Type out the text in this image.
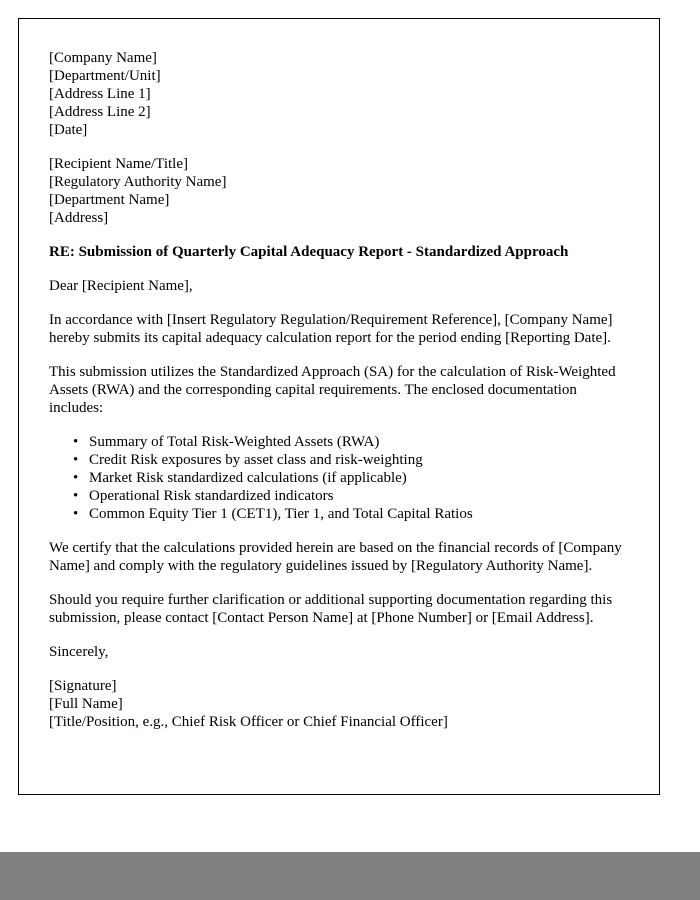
[Company Name]
[Department/Unit]
[Address Line 1]
[Address Line 2]
[Date]
[Recipient Name/Title]
[Regulatory Authority Name]
[Department Name]
[Address]
RE: Submission of Quarterly Capital Adequacy Report - Standardized Approach
Dear [Recipient Name],
In accordance with [Insert Regulatory Regulation/Requirement Reference], [Company Name] hereby submits its capital adequacy calculation report for the period ending [Reporting Date].
This submission utilizes the Standardized Approach (SA) for the calculation of Risk-Weighted Assets (RWA) and the corresponding capital requirements. The enclosed documentation includes:
• Summary of Total Risk-Weighted Assets (RWA)
• Credit Risk exposures by asset class and risk-weighting
• Market Risk standardized calculations (if applicable)
• Operational Risk standardized indicators
• Common Equity Tier 1 (CET1), Tier 1, and Total Capital Ratios
We certify that the calculations provided herein are based on the financial records of [Company Name] and comply with the regulatory guidelines issued by [Regulatory Authority Name].
Should you require further clarification or additional supporting documentation regarding this submission, please contact [Contact Person Name] at [Phone Number] or [Email Address].
Sincerely,
[Signature]
[Full Name]
[Title/Position, e.g., Chief Risk Officer or Chief Financial Officer]
